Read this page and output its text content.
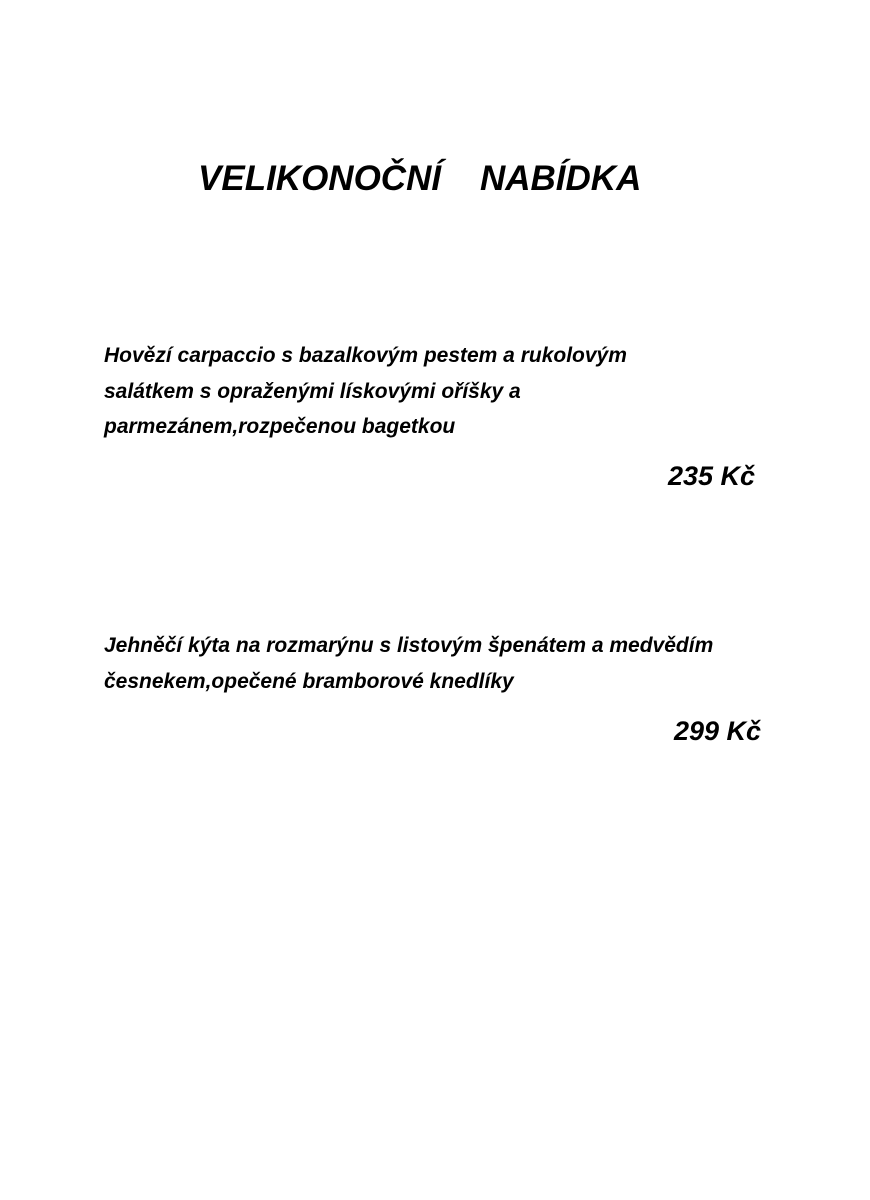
VELIKONOČNÍ    NABÍDKA
Hovězí carpaccio s bazalkovým pestem a rukolovým
salátkem s opraženými lískovými oříšky a
parmezánem,rozpečenou bagetkou
235 Kč
Jehněčí kýta na rozmarýnu s listovým špenátem a medvědím
česnekem,opečené bramborové knedlíky
299 Kč
